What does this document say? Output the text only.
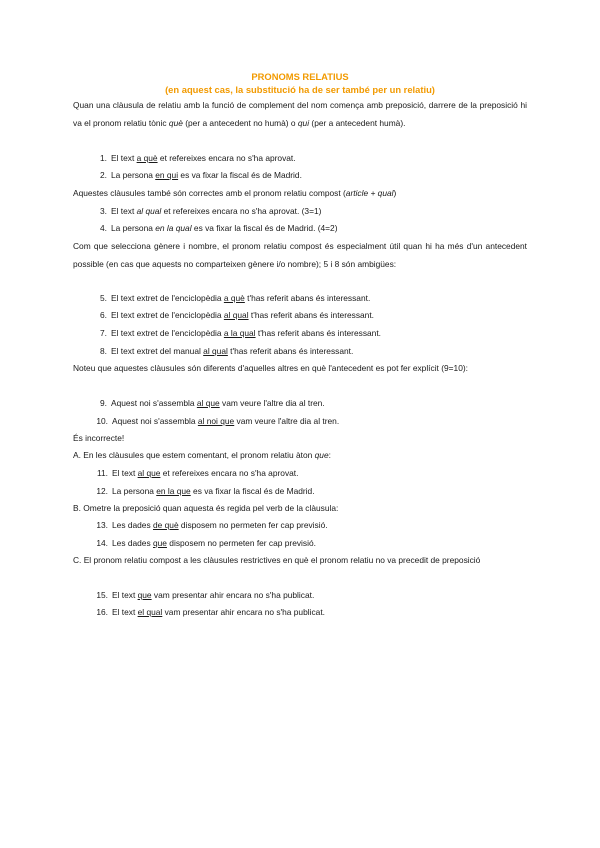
PRONOMS RELATIUS
(en aquest cas, la substitució ha de ser també per un relatiu)
Quan una clàusula de relatiu amb la funció de complement del nom comença amb preposició, darrere de la preposició hi va el pronom relatiu tònic què (per a antecedent no humà) o qui (per a antecedent humà).
1. El text a què et refereixes encara no s'ha aprovat.
2. La persona en qui es va fixar la fiscal és de Madrid.
Aquestes clàusules també són correctes amb el pronom relatiu compost (article + qual)
3. El text al qual et refereixes encara no s'ha aprovat. (3=1)
4. La persona en la qual es va fixar la fiscal és de Madrid. (4=2)
Com que selecciona gènere i nombre, el pronom relatiu compost és especialment útil quan hi ha més d'un antecedent possible (en cas que aquests no comparteixen gènere i/o nombre); 5 i 8 són ambigües:
5. El text extret de l'enciclopèdia a què t'has referit abans és interessant.
6. El text extret de l'enciclopèdia al qual t'has referit abans és interessant.
7. El text extret de l'enciclopèdia a la qual t'has referit abans és interessant.
8. El text extret del manual al qual t'has referit abans és interessant.
Noteu que aquestes clàusules són diferents d'aquelles altres en què l'antecedent es pot fer explícit (9=10):
9. Aquest noi s'assembla al que vam veure l'altre dia al tren.
10. Aquest noi s'assembla al noi que vam veure l'altre dia al tren.
És incorrecte!
A. En les clàusules que estem comentant, el pronom relatiu àton que:
11. El text al que et refereixes encara no s'ha aprovat.
12. La persona en la que es va fixar la fiscal és de Madrid.
B. Ometre la preposició quan aquesta és regida pel verb de la clàusula:
13. Les dades de què disposem no permeten fer cap previsió.
14. Les dades que disposem no permeten fer cap previsió.
C. El pronom relatiu compost a les clàusules restrictives en què el pronom relatiu no va precedit de preposició
15. El text que vam presentar ahir encara no s'ha publicat.
16. El text el qual vam presentar ahir encara no s'ha publicat.
